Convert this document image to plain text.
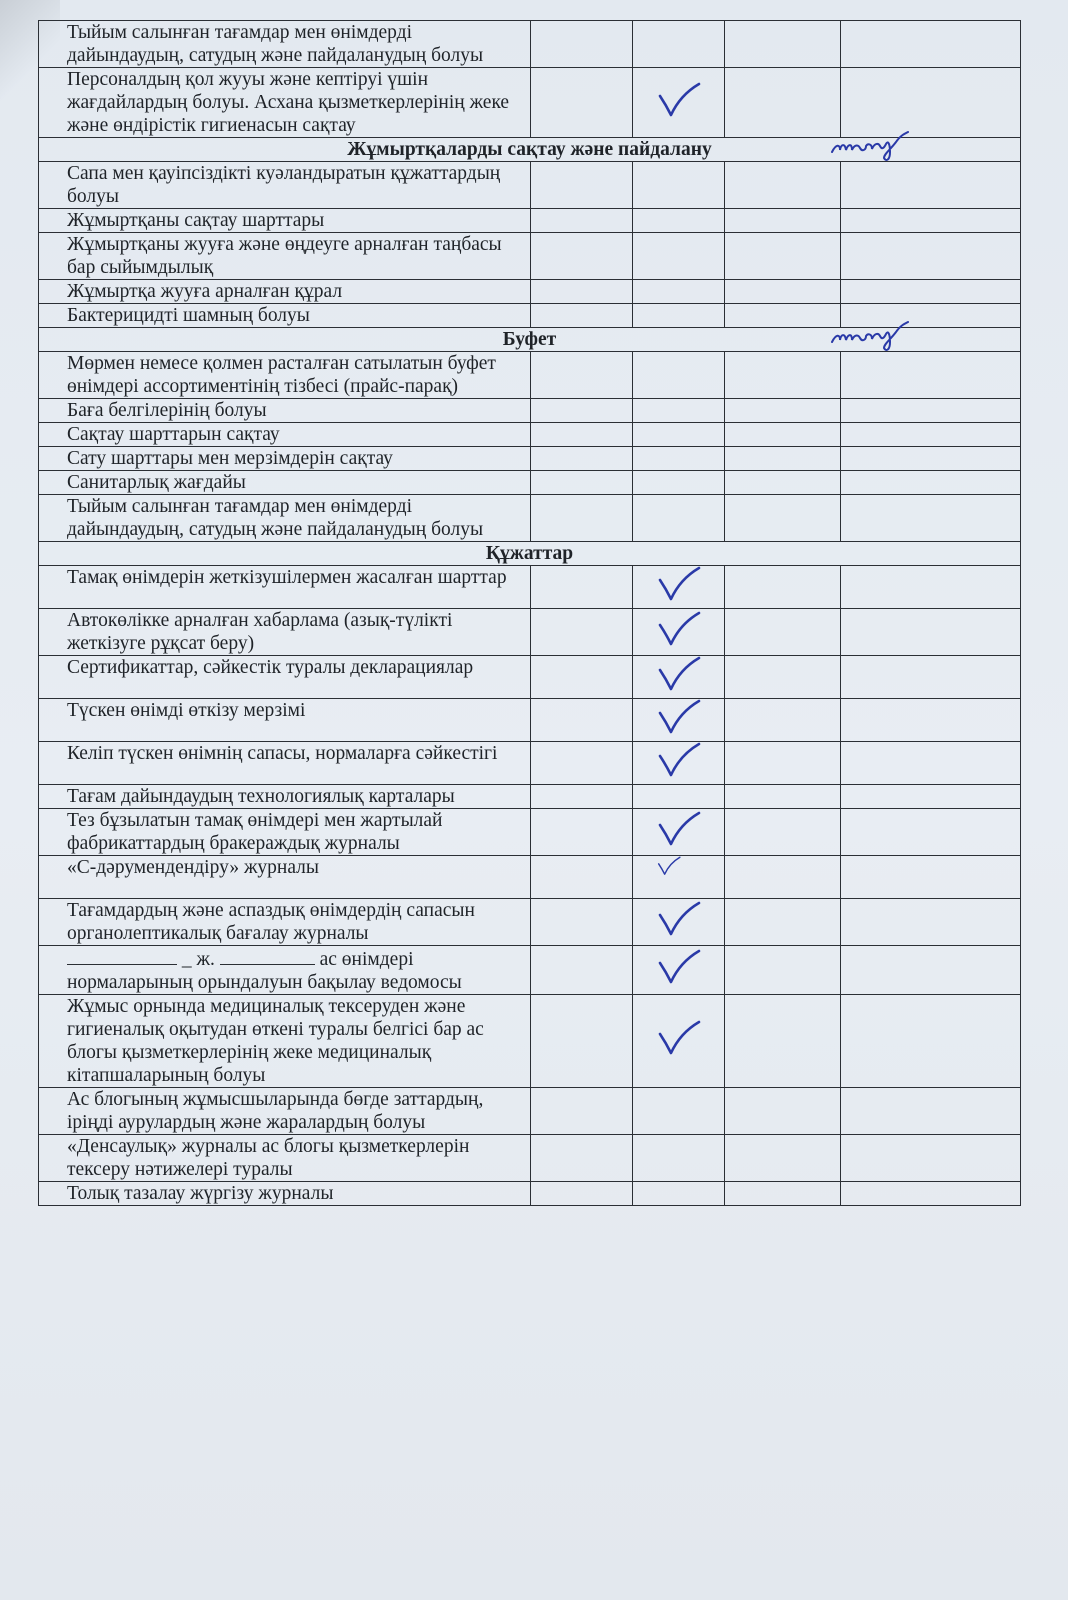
Тыйым салынған тағамдар мен өнімдерді дайындаудың, сатудың және пайдаланудың болуы				
Персоналдың қол жууы және кептіруі үшін жағдайлардың болуы. Асхана қызметкерлерінің жеке және өндірістік гигиенасын сақтау		

Жұмыртқаларды сақтау және пайдалану				

Сапа мен қауіпсіздікті куәландыратын құжаттардың болуы				
Жұмыртқаны сақтау шарттары				
Жұмыртқаны жууға және өңдеуге арналған таңбасы бар сыйымдылық				
Жұмыртқа жууға арналған құрал				
Бактерицидті шамның болуы				
Буфет				

Мөрмен немесе қолмен расталған сатылатын буфет өнімдері ассортиментінің тізбесі (прайс-парақ)				
Баға белгілерінің болуы				
Сақтау шарттарын сақтау				
Сату шарттары мен мерзімдерін сақтау				
Санитарлық жағдайы				
Тыйым салынған тағамдар мен өнімдерді дайындаудың, сатудың және пайдаланудың болуы				
Құжаттар				
Тамақ өнімдерін жеткізушілермен жасалған шарттар		

Автокөлікке арналған хабарлама (азық-түлікті жеткізуге рұқсат беру)		

Сертификаттар, сәйкестік туралы декларациялар		

Түскен өнімді өткізу мерзімі		

Келіп түскен өнімнің сапасы, нормаларға сәйкестігі		

Тағам дайындаудың технологиялық карталары				
Тез бұзылатын тамақ өнімдері мен жартылай фабрикаттардың бракераждық журналы		

«С-дәрумендендіру» журналы		

Тағамдардың және аспаздық өнімдердің сапасын органолептикалық бағалау журналы		

_ ж. ас өнімдері нормаларының орындалуын бақылау ведомосы		

Жұмыс орнында медициналық тексеруден және гигиеналық оқытудан өткені туралы белгісі бар ас блогы қызметкерлерінің жеке медициналық кітапшаларының болуы		

Ас блогының жұмысшыларында бөгде заттардың, іріңді аурулардың және жаралардың болуы				
«Денсаулық» журналы ас блогы қызметкерлерін тексеру нәтижелері туралы				
Толық тазалау жүргізу журналы				
